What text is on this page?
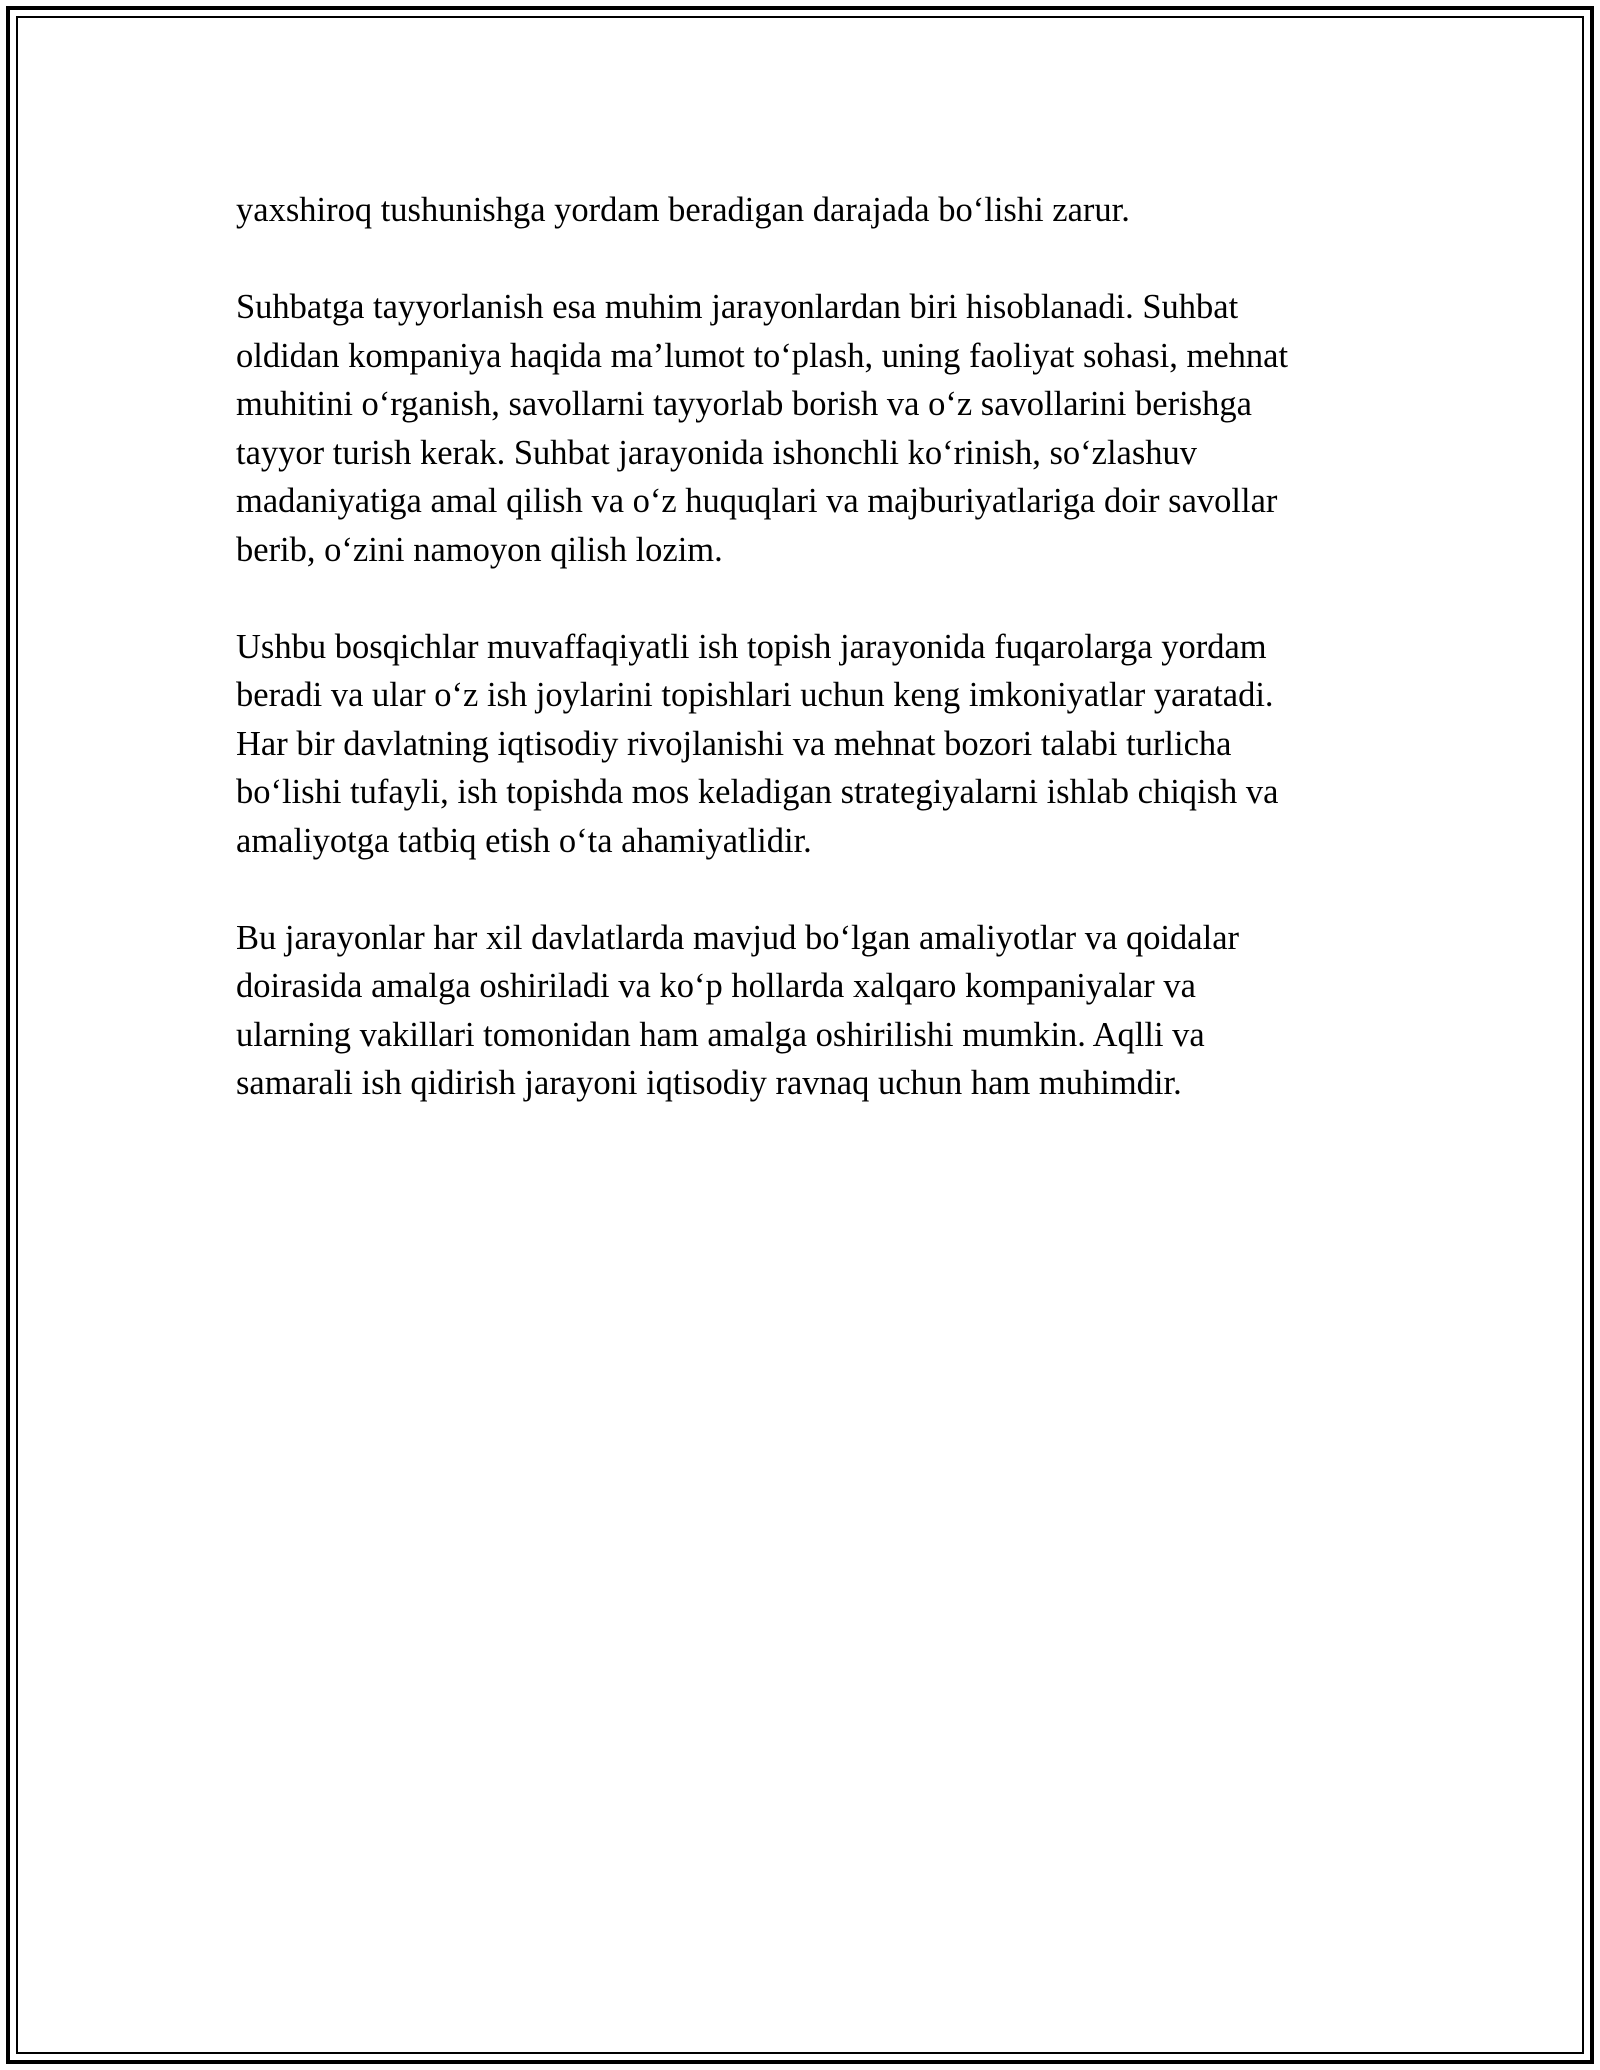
yaxshiroq tushunishga yordam beradigan darajada bo‘lishi zarur.

Suhbatga tayyorlanish esa muhim jarayonlardan biri hisoblanadi. Suhbat
oldidan kompaniya haqida ma’lumot to‘plash, uning faoliyat sohasi, mehnat
muhitini o‘rganish, savollarni tayyorlab borish va o‘z savollarini berishga
tayyor turish kerak. Suhbat jarayonida ishonchli ko‘rinish, so‘zlashuv
madaniyatiga amal qilish va o‘z huquqlari va majburiyatlariga doir savollar
berib, o‘zini namoyon qilish lozim.

Ushbu bosqichlar muvaffaqiyatli ish topish jarayonida fuqarolarga yordam
beradi va ular o‘z ish joylarini topishlari uchun keng imkoniyatlar yaratadi.
Har bir davlatning iqtisodiy rivojlanishi va mehnat bozori talabi turlicha
bo‘lishi tufayli, ish topishda mos keladigan strategiyalarni ishlab chiqish va
amaliyotga tatbiq etish o‘ta ahamiyatlidir.

Bu jarayonlar har xil davlatlarda mavjud bo‘lgan amaliyotlar va qoidalar
doirasida amalga oshiriladi va ko‘p hollarda xalqaro kompaniyalar va
ularning vakillari tomonidan ham amalga oshirilishi mumkin. Aqlli va
samarali ish qidirish jarayoni iqtisodiy ravnaq uchun ham muhimdir.
